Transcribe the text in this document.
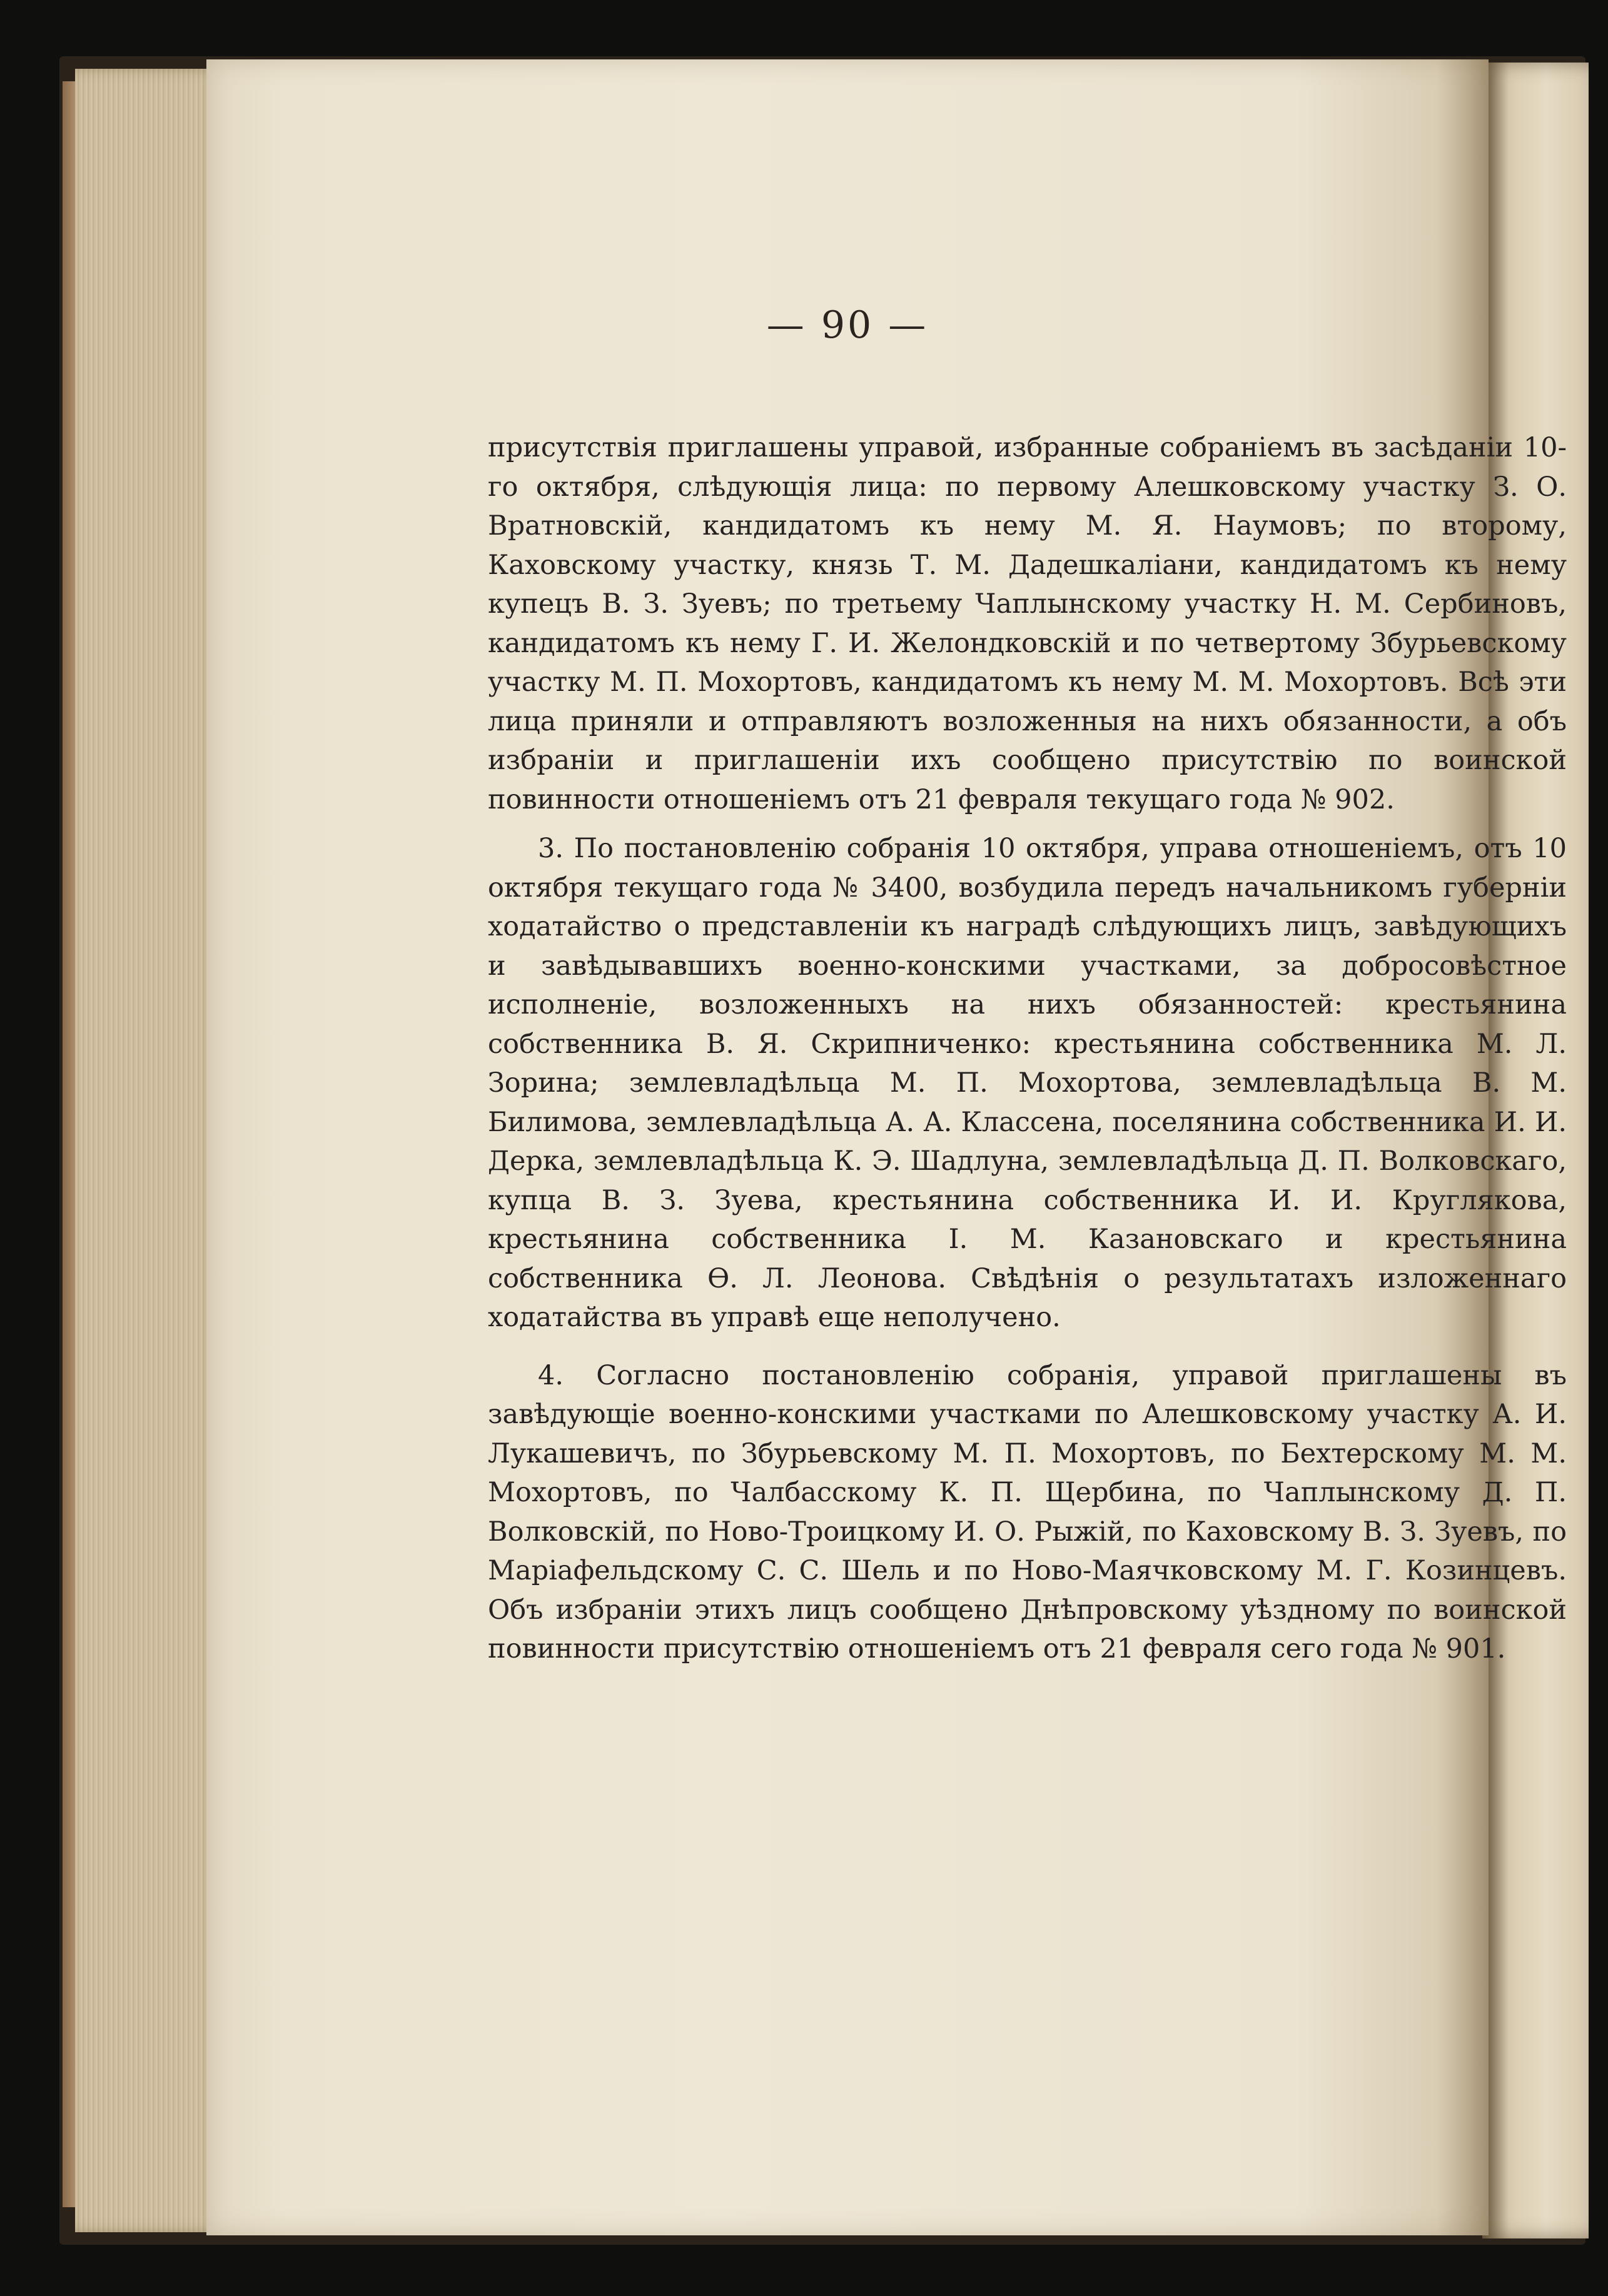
— 90 —

присутствія приглашены управой, избранные собраніемъ въ засѣданіи 10-го октября, слѣдующія лица: по первому Алешковскому участку З. О. Вратновскій, кандидатомъ къ нему М. Я. Наумовъ; по второму, Каховскому участку, князь Т. М. Дадешкаліани, кандидатомъ къ нему купецъ В. З. Зуевъ; по третьему Чаплынскому участку Н. М. Сербиновъ, кандидатомъ къ нему Г. И. Желондковскій и по четвертому Збурьевскому участку М. П. Мохортовъ, кандидатомъ къ нему М. М. Мохортовъ. Всѣ эти лица приняли и отправляютъ возложенныя на нихъ обязанности, а объ избраніи и приглашеніи ихъ сообщено присутствію по воинской повинности отношеніемъ отъ 21 февраля текущаго года № 902.

3. По постановленію собранія 10 октября, управа отношеніемъ, отъ 10 октября текущаго года № 3400, возбудила передъ начальникомъ губерніи ходатайство о представленіи къ наградѣ слѣдующихъ лицъ, завѣдующихъ и завѣдывавшихъ военно-конскими участками, за добросовѣстное исполненіе, возложенныхъ на нихъ обязанностей: крестьянина собственника В. Я. Скрипниченко: крестьянина собственника М. Л. Зорина; землевладѣльца М. П. Мохортова, землевладѣльца В. М. Билимова, землевладѣльца А. А. Классена, поселянина собственника И. И. Дерка, землевладѣльца К. Э. Шадлуна, землевладѣльца Д. П. Волковскаго, купца В. З. Зуева, крестьянина собственника И. И. Круглякова, крестьянина собственника І. М. Казановскаго и крестьянина собственника Ѳ. Л. Леонова. Свѣдѣнія о результатахъ изложеннаго ходатайства въ управѣ еще неполучено.

4. Согласно постановленію собранія, управой приглашены въ завѣдующіе военно-конскими участками по Алешковскому участку А. И. Лукашевичъ, по Збурьевскому М. П. Мохортовъ, по Бехтерскому М. М. Мохортовъ, по Чалбасскому К. П. Щербина, по Чаплынскому Д. П. Волковскій, по Ново-Троицкому И. О. Рыжій, по Каховскому В. З. Зуевъ, по Маріафельдскому С. С. Шель и по Ново-Маячковскому М. Г. Козинцевъ. Объ избраніи этихъ лицъ сообщено Днѣпровскому уѣздному по воинской повинности присутствію отношеніемъ отъ 21 февраля сего года № 901.
